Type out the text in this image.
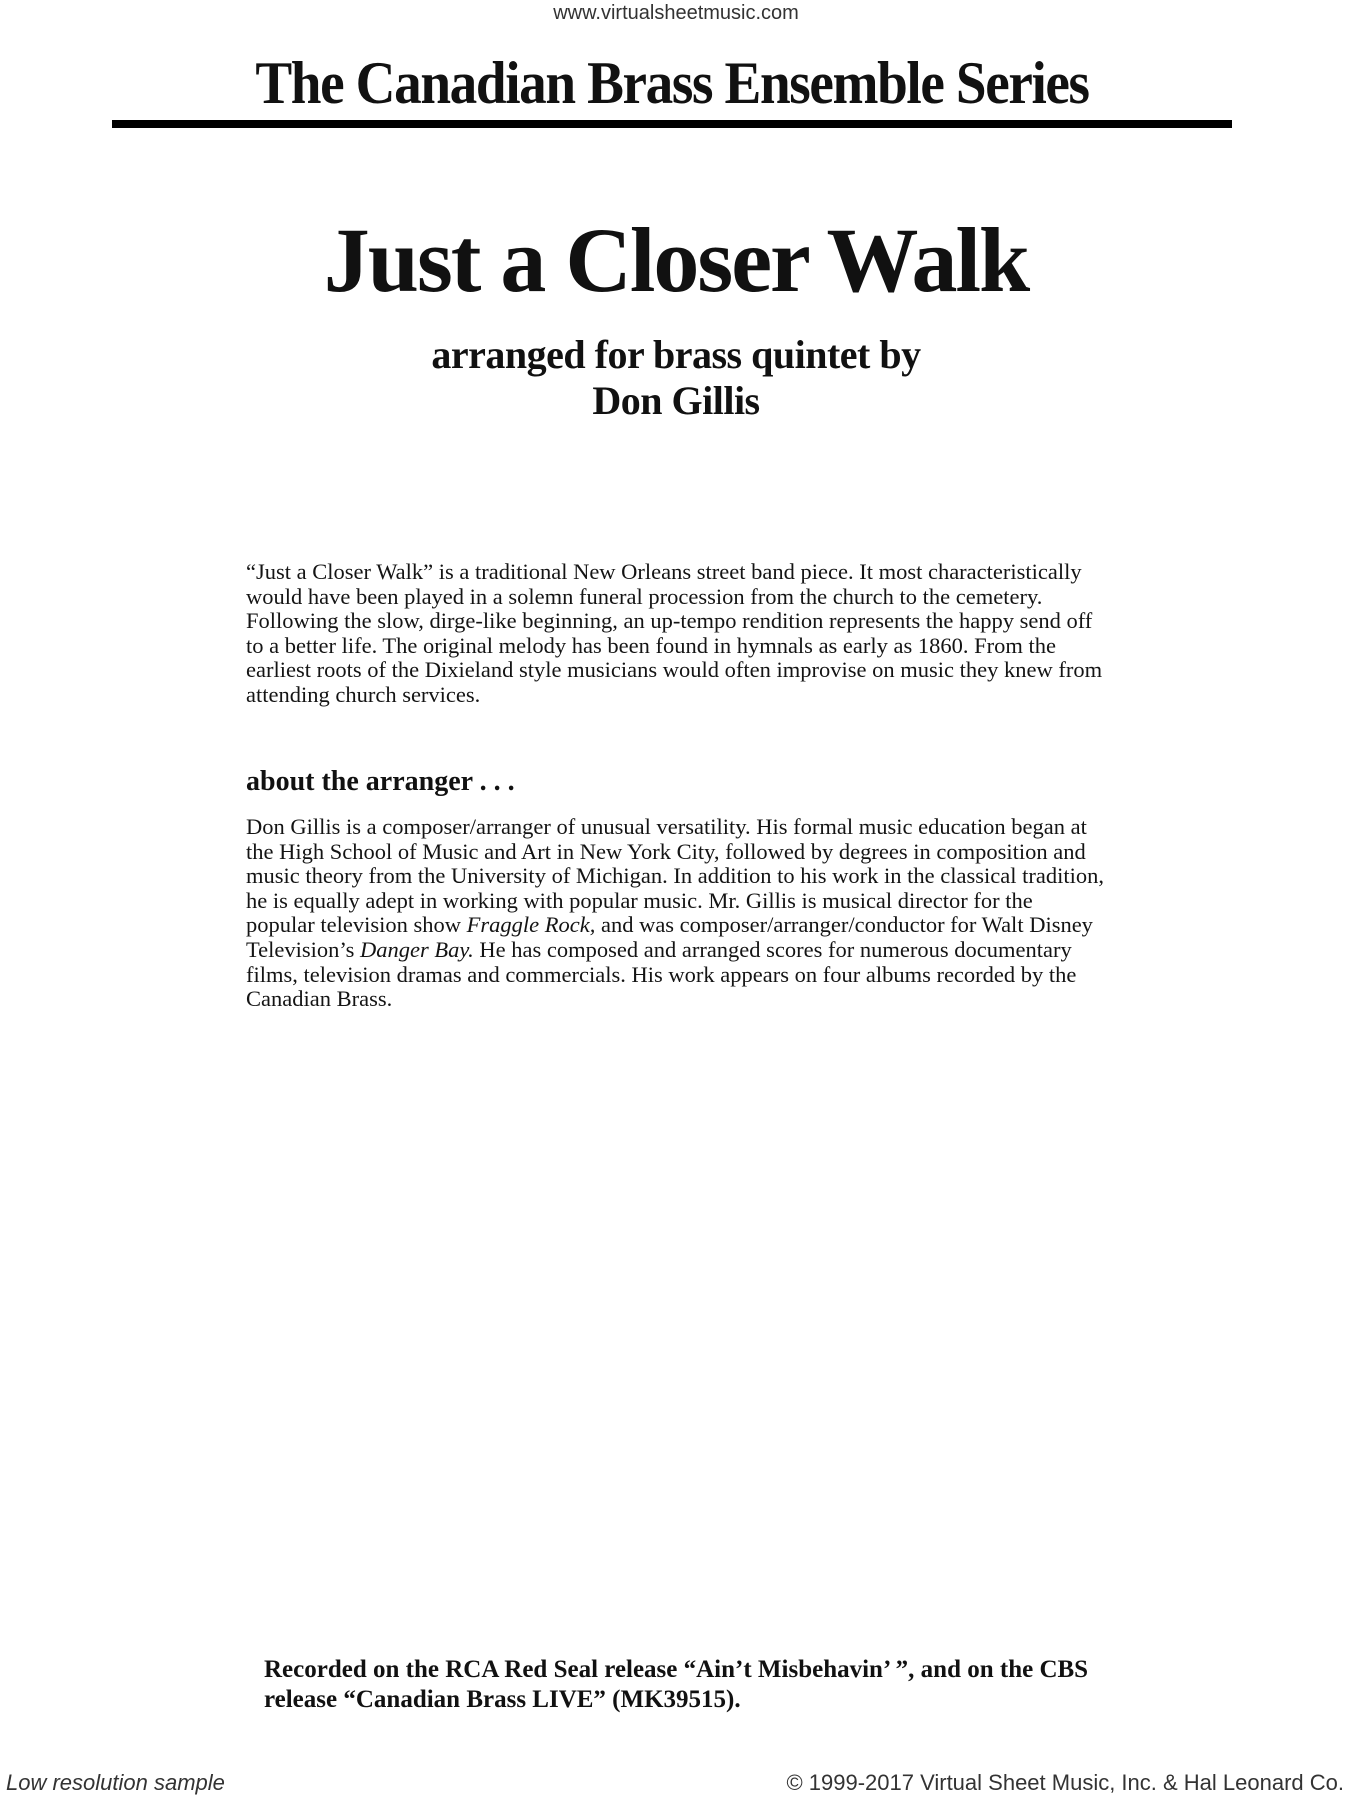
www.virtualsheetmusic.com
The Canadian Brass Ensemble Series
Just a Closer Walk
arranged for brass quintet by
Don Gillis
“Just a Closer Walk” is a traditional New Orleans street band piece. It most characteristically would have been played in a solemn funeral procession from the church to the cemetery. Following the slow, dirge-like beginning, an up-tempo rendition represents the happy send off to a better life. The original melody has been found in hymnals as early as 1860. From the earliest roots of the Dixieland style musicians would often improvise on music they knew from attending church services.
about the arranger . . .
Don Gillis is a composer/arranger of unusual versatility. His formal music education began at the High School of Music and Art in New York City, followed by degrees in composition and music theory from the University of Michigan. In addition to his work in the classical tradition, he is equally adept in working with popular music. Mr. Gillis is musical director for the popular television show Fraggle Rock, and was composer/arranger/conductor for Walt Disney Television’s Danger Bay. He has composed and arranged scores for numerous documentary films, television dramas and commercials. His work appears on four albums recorded by the Canadian Brass.
Recorded on the RCA Red Seal release “Ain’t Misbehavin’ ”, and on the CBS release “Canadian Brass LIVE” (MK39515).
Low resolution sample	© 1999-2017 Virtual Sheet Music, Inc. & Hal Leonard Co.
